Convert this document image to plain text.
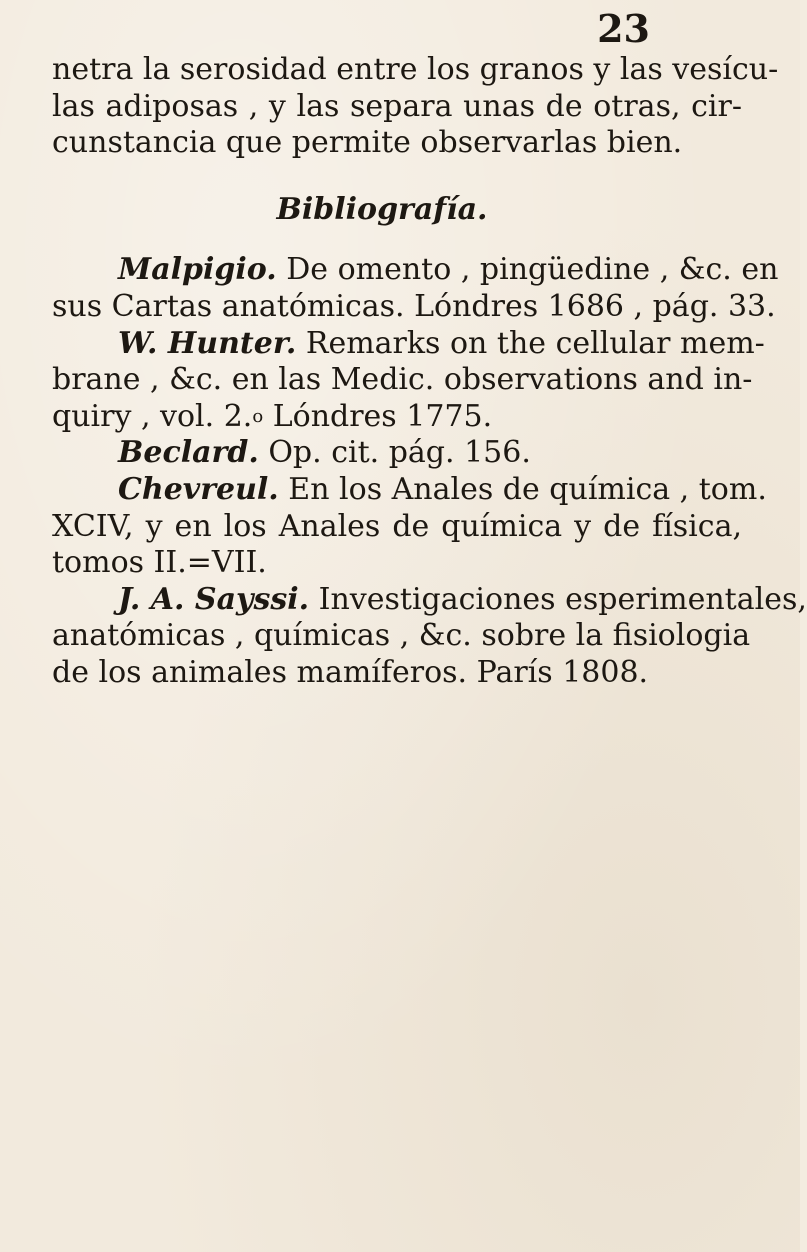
23
netra la serosidad entre los granos y las vesícu-
las adiposas , y las separa unas de otras, cir-
cunstancia que permite observarlas bien.
Bibliografía.
Malpigio. De omento , pingüedine , &c. en
sus Cartas anatómicas. Lóndres 1686 , pág. 33.
W. Hunter. Remarks on the cellular mem-
brane , &c. en las Medic. observations and in-
quiry , vol. 2.$^o$ Lóndres 1775.
Beclard. Op. cit. pág. 156.
Chevreul. En los Anales de química , tom.
XCIV, y en los Anales de química y de física,
tomos II.=VII.
J. A. Sayssi. Investigaciones esperimentales,
anatómicas , químicas , &c. sobre la fisiologia
de los animales mamíferos. París 1808.
